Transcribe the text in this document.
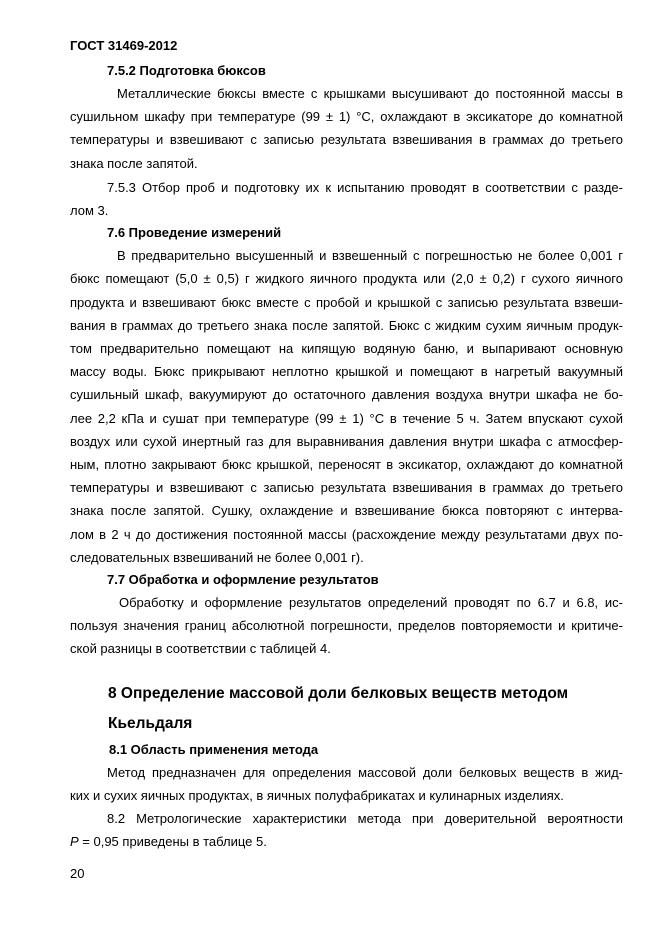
ГОСТ 31469-2012

7.5.2 Подготовка бюксов

Металлические бюксы вместе с крышками высушивают до постоянной массы в
сушильном шкафу при температуре (99 ± 1) °С, охлаждают в эксикаторе до комнатной
температуры и взвешивают с записью результата взвешивания в граммах до третьего
знака после запятой.
7.5.3 Отбор проб и подготовку их к испытанию проводят в соответствии с разде-
лом 3.

7.6 Проведение измерений

В предварительно высушенный и взвешенный с погрешностью не более 0,001 г
бюкс помещают (5,0 ± 0,5) г жидкого яичного продукта или (2,0 ± 0,2) г сухого яичного
продукта и взвешивают бюкс вместе с пробой и крышкой с записью результата взвеши-
вания в граммах до третьего знака после запятой. Бюкс с жидким сухим яичным продук-
том предварительно помещают на кипящую водяную баню, и выпаривают основную
массу воды. Бюкс прикрывают неплотно крышкой и помещают в нагретый вакуумный
сушильный шкаф, вакуумируют до остаточного давления воздуха внутри шкафа не бо-
лее 2,2 кПа и сушат при температуре (99 ± 1) °С в течение 5 ч. Затем впускают сухой
воздух или сухой инертный газ для выравнивания давления внутри шкафа с атмосфер-
ным, плотно закрывают бюкс крышкой, переносят в эксикатор, охлаждают до комнатной
температуры и взвешивают с записью результата взвешивания в граммах до третьего
знака после запятой. Сушку, охлаждение и взвешивание бюкса повторяют с интерва-
лом в 2 ч до достижения постоянной массы (расхождение между результатами двух по-
следовательных взвешиваний не более 0,001 г).

7.7 Обработка и оформление результатов

Обработку и оформление результатов определений проводят по 6.7 и 6.8, ис-
пользуя значения границ абсолютной погрешности, пределов повторяемости и критиче-
ской разницы в соответствии с таблицей 4.

8 Определение массовой доли белковых веществ методом

Кьельдаля

8.1 Область применения метода

Метод предназначен для определения массовой доли белковых веществ в жид-
ких и сухих яичных продуктах, в яичных полуфабрикатах и кулинарных изделиях.
8.2 Метрологические характеристики метода при доверительной вероятности
P = 0,95 приведены в таблице 5.
20
